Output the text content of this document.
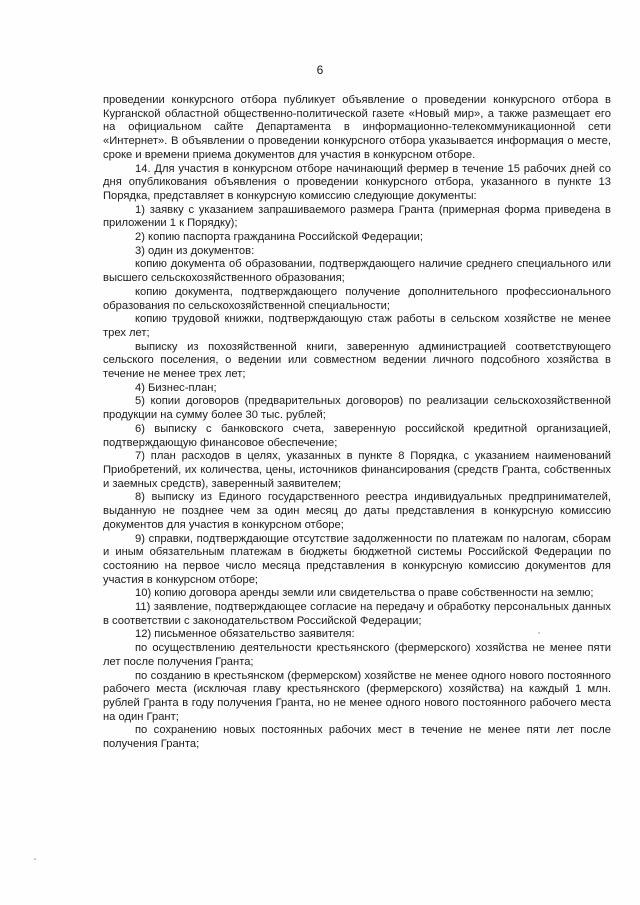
6

проведении конкурсного отбора публикует объявление о проведении конкурсного отбора в Курганской областной общественно-политической газете «Новый мир», а также размещает его на официальном сайте Департамента в информационно-телекоммуникационной сети «Интернет». В объявлении о проведении конкурсного отбора указывается информация о месте, сроке и времени приема документов для участия в конкурсном отборе.

14. Для участия в конкурсном отборе начинающий фермер в течение 15 рабочих дней со дня опубликования объявления о проведении конкурсного отбора, указанного в пункте 13 Порядка, представляет в конкурсную комиссию следующие документы:

1) заявку с указанием запрашиваемого размера Гранта (примерная форма приведена в приложении 1 к Порядку);

2) копию паспорта гражданина Российской Федерации;

3) один из документов:

копию документа об образовании, подтверждающего наличие среднего специального или высшего сельскохозяйственного образования;

копию документа, подтверждающего получение дополнительного профессионального образования по сельскохозяйственной специальности;

копию трудовой книжки, подтверждающую стаж работы в сельском хозяйстве не менее трех лет;

выписку из похозяйственной книги, заверенную администрацией соответствующего сельского поселения, о ведении или совместном ведении личного подсобного хозяйства в течение не менее трех лет;

4) Бизнес-план;

5) копии договоров (предварительных договоров) по реализации сельскохозяйственной продукции на сумму более 30 тыс. рублей;

6) выписку с банковского счета, заверенную российской кредитной организацией, подтверждающую финансовое обеспечение;

7) план расходов в целях, указанных в пункте 8 Порядка, с указанием наименований Приобретений, их количества, цены, источников финансирования (средств Гранта, собственных и заемных средств), заверенный заявителем;

8) выписку из Единого государственного реестра индивидуальных предпринимателей, выданную не позднее чем за один месяц до даты представления в конкурсную комиссию документов для участия в конкурсном отборе;

9) справки, подтверждающие отсутствие задолженности по платежам по налогам, сборам и иным обязательным платежам в бюджеты бюджетной системы Российской Федерации по состоянию на первое число месяца представления в конкурсную комиссию документов для участия в конкурсном отборе;

10) копию договора аренды земли или свидетельства о праве собственности на землю;

11) заявление, подтверждающее согласие на передачу и обработку персональных данных в соответствии с законодательством Российской Федерации;

12) письменное обязательство заявителя:

по осуществлению деятельности крестьянского (фермерского) хозяйства не менее пяти лет после получения Гранта;

по созданию в крестьянском (фермерском) хозяйстве не менее одного нового постоянного рабочего места (исключая главу крестьянского (фермерского) хозяйства) на каждый 1 млн. рублей Гранта в году получения Гранта, но не менее одного нового постоянного рабочего места на один Грант;

по сохранению новых постоянных рабочих мест в течение не менее пяти лет после получения Гранта;
